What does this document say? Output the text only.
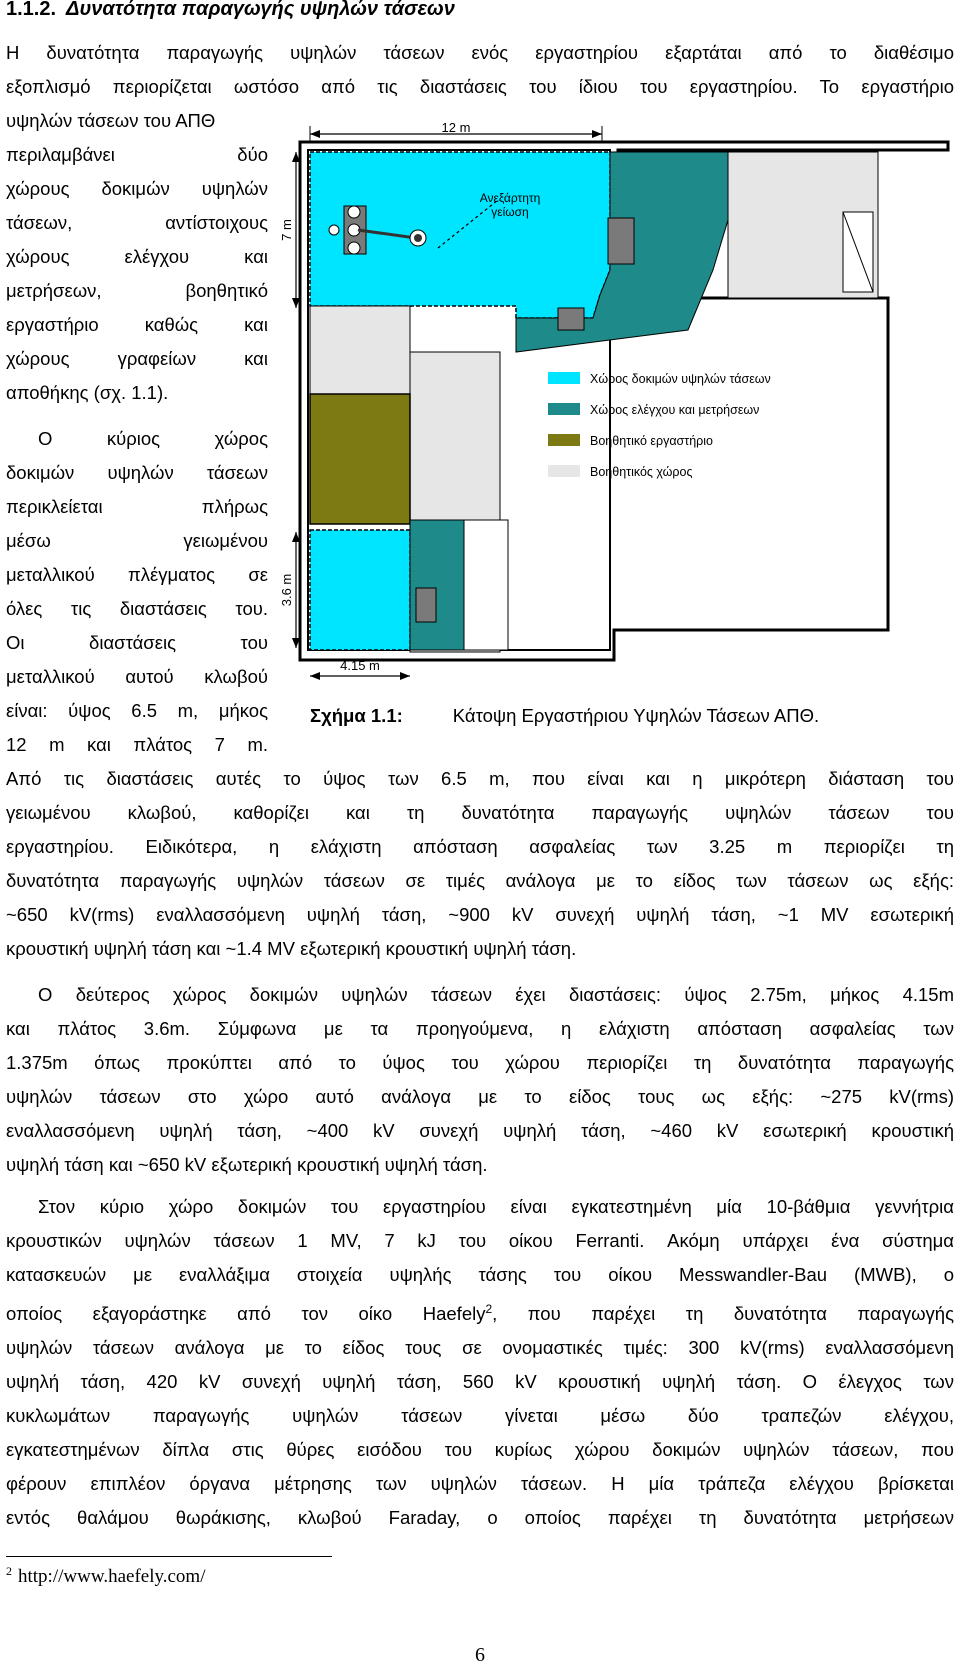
1.1.2. Δυνατότητα παραγωγής υψηλών τάσεων
Η δυνατότητα παραγωγής υψηλών τάσεων ενός εργαστηρίου εξαρτάται από το διαθέσιμο
εξοπλισμό περιορίζεται ωστόσο από τις διαστάσεις του ίδιου του εργαστηρίου. Το εργαστήριο
υψηλών τάσεων του ΑΠΘ
περιλαμβάνει δύο
χώρους δοκιμών υψηλών
τάσεων, αντίστοιχους
χώρους ελέγχου και
μετρήσεων, βοηθητικό
εργαστήριο καθώς και
χώρους γραφείων και
αποθήκης (σχ. 1.1).
Ο κύριος χώρος
δοκιμών υψηλών τάσεων
περικλείεται πλήρως
μέσω γειωμένου
μεταλλικού πλέγματος σε
όλες τις διαστάσεις του.
Οι διαστάσεις του
μεταλλικού αυτού κλωβού
είναι: ύψος 6.5 m, μήκος
12 m και πλάτος 7 m.
12 m
7 m
Ανεξάρτητη
γείωση
Χώρος δοκιμών υψηλών τάσεων
Χώρος ελέγχου και μετρήσεων
Βοηθητικό εργαστήριο
Βοηθητικός χώρος
3.6 m
4.15 m
Σχήμα 1.1:	Κάτοψη Εργαστήριου Υψηλών Τάσεων ΑΠΘ.
Από τις διαστάσεις αυτές το ύψος των 6.5 m, που είναι και η μικρότερη διάσταση του
γειωμένου κλωβού, καθορίζει και τη δυνατότητα παραγωγής υψηλών τάσεων του
εργαστηρίου. Ειδικότερα, η ελάχιστη απόσταση ασφαλείας των 3.25 m περιορίζει τη
δυνατότητα παραγωγής υψηλών τάσεων σε τιμές ανάλογα με το είδος των τάσεων ως εξής:
~650 kV(rms) εναλλασσόμενη υψηλή τάση, ~900 kV συνεχή υψηλή τάση, ~1 MV εσωτερική
κρουστική υψηλή τάση και ~1.4 MV εξωτερική κρουστική υψηλή τάση.
Ο δεύτερος χώρος δοκιμών υψηλών τάσεων έχει διαστάσεις: ύψος 2.75m, μήκος 4.15m
και πλάτος 3.6m. Σύμφωνα με τα προηγούμενα, η ελάχιστη απόσταση ασφαλείας των
1.375m όπως προκύπτει από το ύψος του χώρου περιορίζει τη δυνατότητα παραγωγής
υψηλών τάσεων στο χώρο αυτό ανάλογα με το είδος τους ως εξής: ~275 kV(rms)
εναλλασσόμενη υψηλή τάση, ~400 kV συνεχή υψηλή τάση, ~460 kV εσωτερική κρουστική
υψηλή τάση και ~650 kV εξωτερική κρουστική υψηλή τάση.
Στον κύριο χώρο δοκιμών του εργαστηρίου είναι εγκατεστημένη μία 10-βάθμια γεννήτρια
κρουστικών υψηλών τάσεων 1 MV, 7 kJ του οίκου Ferranti. Ακόμη υπάρχει ένα σύστημα
κατασκευών με εναλλάξιμα στοιχεία υψηλής τάσης του οίκου Messwandler-Bau (MWB), ο
οποίος εξαγοράστηκε από τον οίκο Haefely$^2$, που παρέχει τη δυνατότητα παραγωγής
υψηλών τάσεων ανάλογα με το είδος τους σε ονομαστικές τιμές: 300 kV(rms) εναλλασσόμενη
υψηλή τάση, 420 kV συνεχή υψηλή τάση, 560 kV κρουστική υψηλή τάση. Ο έλεγχος των
κυκλωμάτων παραγωγής υψηλών τάσεων γίνεται μέσω δύο τραπεζών ελέγχου,
εγκατεστημένων δίπλα στις θύρες εισόδου του κυρίως χώρου δοκιμών υψηλών τάσεων, που
φέρουν επιπλέον όργανα μέτρησης των υψηλών τάσεων. Η μία τράπεζα ελέγχου βρίσκεται
εντός θαλάμου θωράκισης, κλωβού Faraday, ο οποίος παρέχει τη δυνατότητα μετρήσεων
$^2$ http://www.haefely.com/
6
